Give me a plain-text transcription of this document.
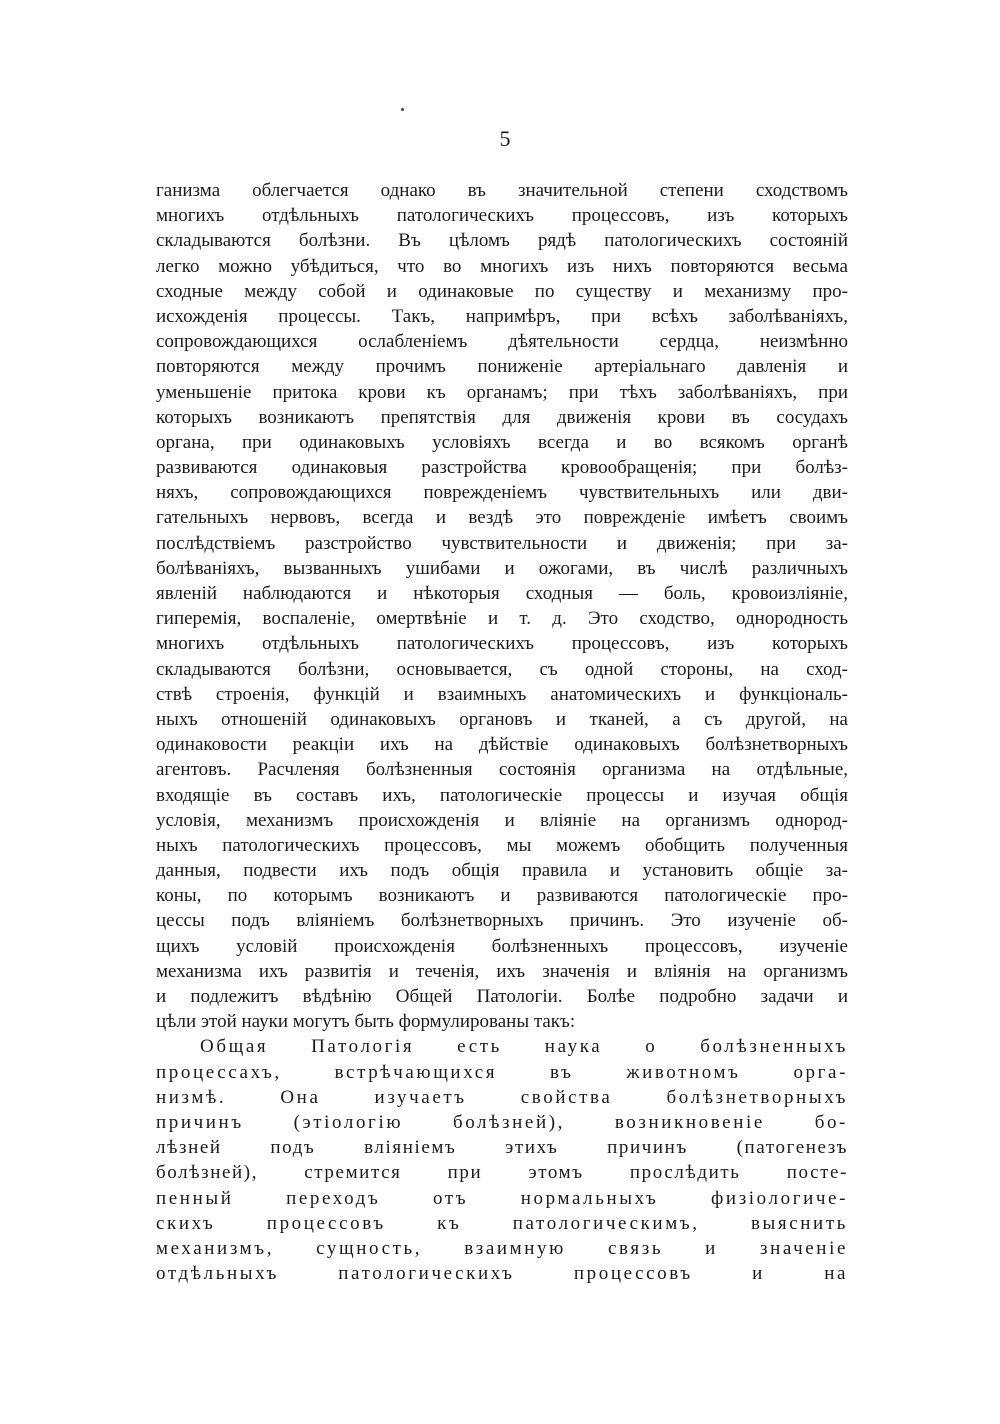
5
ганизма облегчается однако въ значительной степени сходствомъ
многихъ отдѣльныхъ патологическихъ процессовъ, изъ которыхъ
складываются болѣзни. Въ цѣломъ рядѣ патологическихъ состояній
легко можно убѣдиться, что во многихъ изъ нихъ повторяются весьма
сходные между собой и одинаковые по существу и механизму про-
исхожденія процессы. Такъ, напримѣръ, при всѣхъ заболѣваніяхъ,
сопровождающихся ослабленіемъ дѣятельности сердца, неизмѣнно
повторяются между прочимъ пониженіе артеріальнаго давленія и
уменьшеніе притока крови къ органамъ; при тѣхъ заболѣваніяхъ, при
которыхъ возникаютъ препятствія для движенія крови въ сосудахъ
органа, при одинаковыхъ условіяхъ всегда и во всякомъ органѣ
развиваются одинаковыя разстройства кровообращенія; при болѣз-
няхъ, сопровождающихся поврежденіемъ чувствительныхъ или дви-
гательныхъ нервовъ, всегда и вездѣ это поврежденіе имѣетъ своимъ
послѣдствіемъ разстройство чувствительности и движенія; при за-
болѣваніяхъ, вызванныхъ ушибами и ожогами, въ числѣ различныхъ
явленій наблюдаются и нѣкоторыя сходныя — боль, кровоизліяніе,
гиперемія, воспаленіе, омертвѣніе и т. д. Это сходство, однородность
многихъ отдѣльныхъ патологическихъ процессовъ, изъ которыхъ
складываются болѣзни, основывается, съ одной стороны, на сход-
ствѣ строенія, функцій и взаимныхъ анатомическихъ и функціональ-
ныхъ отношеній одинаковыхъ органовъ и тканей, а съ другой, на
одинаковости реакціи ихъ на дѣйствіе одинаковыхъ болѣзнетворныхъ
агентовъ. Расчленяя болѣзненныя состоянія организма на отдѣльные,
входящіе въ составъ ихъ, патологическіе процессы и изучая общія
условія, механизмъ происхожденія и вліяніе на организмъ однород-
ныхъ патологическихъ процессовъ, мы можемъ обобщить полученныя
данныя, подвести ихъ подъ общія правила и установить общіе за-
коны, по которымъ возникаютъ и развиваются патологическіе про-
цессы подъ вліяніемъ болѣзнетворныхъ причинъ. Это изученіе об-
щихъ условій происхожденія болѣзненныхъ процессовъ, изученіе
механизма ихъ развитія и теченія, ихъ значенія и вліянія на организмъ
и подлежитъ вѣдѣнію Общей Патологіи. Болѣе подробно задачи и
цѣли этой науки могутъ быть формулированы такъ:
Общая Патологія есть наука о болѣзненныхъ
процессахъ, встрѣчающихся въ животномъ орга-
низмѣ. Она изучаетъ свойства болѣзнетворныхъ
причинъ (этіологію болѣзней), возникновеніе бо-
лѣзней подъ вліяніемъ этихъ причинъ (патогенезъ
болѣзней), стремится при этомъ прослѣдить посте-
пенный переходъ отъ нормальныхъ физіологиче-
скихъ процессовъ къ патологическимъ, выяснить
механизмъ, сущность, взаимную связь и значеніе
отдѣльныхъ патологическихъ процессовъ и на
